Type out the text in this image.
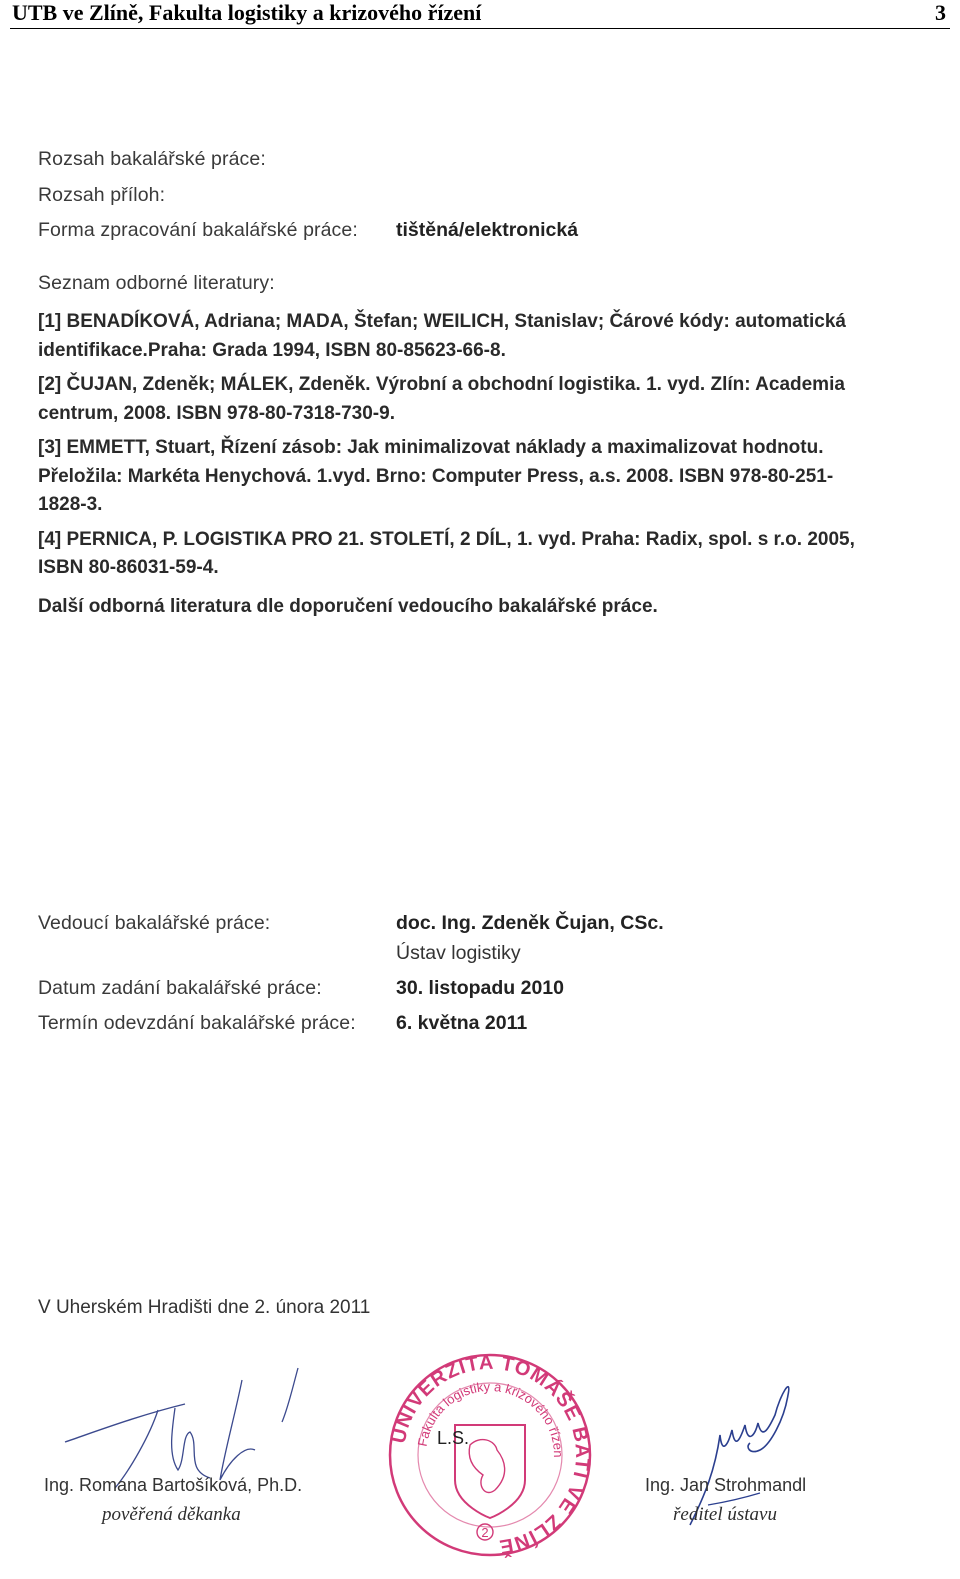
UTB ve Zlíně, Fakulta logistiky a krizového řízení	3
Rozsah bakalářské práce:
Rozsah příloh:
Forma zpracování bakalářské práce: tištěná/elektronická
Seznam odborné literatury:

[1] BENADÍKOVÁ, Adriana; MADA, Štefan; WEILICH, Stanislav; Čárové kódy: automatická identifikace.Praha: Grada 1994, ISBN 80-85623-66-8.

[2] ČUJAN, Zdeněk; MÁLEK, Zdeněk. Výrobní a obchodní logistika. 1. vyd. Zlín: Academia centrum, 2008. ISBN 978-80-7318-730-9.

[3] EMMETT, Stuart, Řízení zásob: Jak minimalizovat náklady a maximalizovat hodnotu. Přeložila: Markéta Henychová. 1.vyd. Brno: Computer Press, a.s. 2008. ISBN 978-80-251-1828-3.

[4] PERNICA, P. LOGISTIKA PRO 21. STOLETÍ, 2 DÍL, 1. vyd. Praha: Radix, spol. s r.o. 2005, ISBN 80-86031-59-4.

Další odborná literatura dle doporučení vedoucího bakalářské práce.
Vedoucí bakalářské práce:	doc. Ing. Zdeněk Čujan, CSc.
Ústav logistiky
Datum zadání bakalářské práce:	30. listopadu 2010
Termín odevzdání bakalářské práce: 6. května 2011
V Uherském Hradišti dne 2. února 2011
Ing. Romana Bartošíková, Ph.D.
pověřená děkanka
UNIVERZITA TOMÁŠE BATI VE ZLÍNĚ
Fakulta logistiky a krizového řízení
L.S.
2
Ing. Jan Strohmandl
ředitel ústavu
